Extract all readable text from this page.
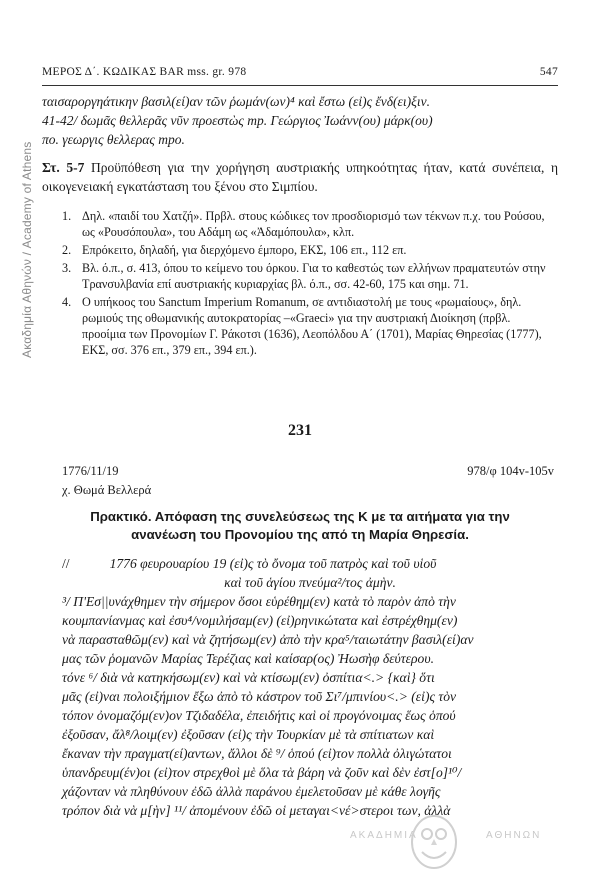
Ακαδημία Αθηνών / Academy of Athens
ΜΕΡΟΣ Δ΄. ΚΩΔΙΚΑΣ BAR mss. gr. 978	547

ταισαροργηάτικην βασιλ(εί)αν τῶν ῥωμάν(ων)⁴ καὶ ἔστω (εἰ)ς ἔνδ(ει)ξιν.

41-42/ δωμᾶς θελλερᾶς νῦν προεστὼς mp. Γεώργιος Ἰωάνν(ου) μάρκ(ου)

πο. γεωργις θελλερας mpo.

Στ. 5-7 Προϋπόθεση για την χορήγηση αυστριακής υπηκοότητας ήταν, κατά συνέπεια, η οικογενειακή εγκατάσταση του ξένου στο Σιμπίου.
1. Δηλ. «παιδί του Χατζή». Πρβλ. στους κώδικες τον προσδιορισμό των τέκνων π.χ. του Ρούσου, ως «Ρουσόπουλα», του Αδάμη ως «Ἀδαμόπουλα», κλπ.
2. Επρόκειτο, δηλαδή, για διερχόμενο έμπορο, ΕΚΣ, 106 επ., 112 επ.
3. Βλ. ό.π., σ. 413, όπου το κείμενο του όρκου. Για το καθεστώς των ελλήνων πραματευτών στην Τρανσυλβανία επί αυστριακής κυριαρχίας βλ. ό.π., σσ. 42-60, 175 και σημ. 71.
4. Ο υπήκοος του Sanctum Imperium Romanum, σε αντιδιαστολή με τους «ρωμαίους», δηλ. ρωμιούς της οθωμανικής αυτοκρατορίας –«Graeci» για την αυστριακή Διοίκηση (πρβλ. προοίμια των Προνομίων Γ. Ράκοτσι (1636), Λεοπόλδου Α΄ (1701), Μαρίας Θηρεσίας (1777), ΕΚΣ, σσ. 376 επ., 379 επ., 394 επ.).
231
1776/11/19	978/φ 104v-105v
χ. Θωμά Βελλερά
Πρακτικό. Απόφαση της συνελεύσεως της Κ με τα αιτήματα για την ανανέωση του Προνομίου της από τη Μαρία Θηρεσία.
//	1776 φευρουαρίου 19 (εἰ)ς τὸ ὄνομα τοῦ πατρὸς καὶ τοῦ υἱοῦ
καὶ τοῦ ἁγίου πνεύμα²/τος ἀμὴν.
³/ Π'Εσ||υνάχθημεν τὴν σήμερον ὅσοι εὑρέθημ(εν) κατὰ τὸ παρὸν ἀπὸ τὴν
κουμπανίανμας καὶ ἐσυ⁴/νομιλήσαμ(εν) (εἰ)ρηνικώτατα καὶ ἐστρέχθημ(εν)
νὰ παρασταθῶμ(εν) καὶ νὰ ζητήσωμ(εν) ἀπὸ τὴν κρα⁵/ταιωτάτην βασιλ(εί)αν
μας τῶν ῥομανῶν Μαρίας Τερέζιας καὶ καίσαρ(ος) Ἠωσὴφ δεύτερου.
τόνε ⁶/ διὰ νὰ κατηκήσωμ(εν) καὶ νὰ κτίσωμ(εν) ὀσπίτια<.> {καὶ} ὅτι
μᾶς (εἰ)ναι πολοιξήμιον ἔξω ἀπὸ τὸ κάστρον τοῦ Σι⁷/μπινίου<.> (εἰ)ς τὸν
τόπον ὀνομαζόμ(εν)ον Τζιδαδέλα, ἐπειδήτις καὶ οἱ προγόνοιμας ἕως ὁπού
ἐξοῦσαν, ἄλ⁸/λοιμ(εν) ἐξοῦσαν (εἰ)ς τὴν Τουρκίαν μὲ τὰ σπίτιατων καὶ
ἔκαναν τὴν πραγματ(εί)αντων, ἄλλοι δὲ ⁹/ ὁπού (εἰ)τον πολλὰ ὀλιγώτατοι
ὑπανδρευμ(έν)οι (εἰ)τον στρεχθοὶ μὲ ὅλα τὰ βάρη νὰ ζοῦν καὶ δὲν ἐστ[ο]¹⁰/
χάζονταν νὰ πληθύνουν ἐδῶ ἀλλὰ παράνου ἐμελετοῦσαν μὲ κάθε λογῆς
τρόπον διὰ νὰ μ[ὴν] ¹¹/ ἀπομένουν ἐδῶ οἱ μεταγαι<νέ>στεροι των, ἀλλὰ
ΑΚΑΔΗΜΙΑ	ΑΘΗΝΩΝ
